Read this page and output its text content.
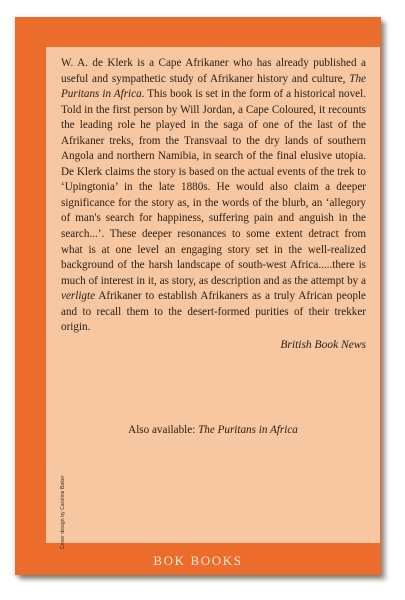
W. A. de Klerk is a Cape Afrikaner who has already published a useful and sympathetic study of Afrikaner history and culture, The Puritans in Africa. This book is set in the form of a historical novel. Told in the first person by Will Jordan, a Cape Coloured, it recounts the leading role he played in the saga of one of the last of the Afrikaner treks, from the Transvaal to the dry lands of southern Angola and northern Namibia, in search of the final elusive utopia. De Klerk claims the story is based on the actual events of the trek to ‘Upingtonia’ in the late 1880s. He would also claim a deeper significance for the story as, in the words of the blurb, an ‘allegory of man's search for happiness, suffering pain and anguish in the search...’. These deeper resonances to some extent detract from what is at one level an engaging story set in the well-realized background of the harsh landscape of south-west Africa.....there is much of interest in it, as story, as description and as the attempt by a verligte Afrikaner to establish Afrikaners as a truly African people and to recall them to the desert-formed purities of their trekker origin.

British Book News

Also available: The Puritans in Africa
Cover design by Caroline Baker
BOK BOOKS
